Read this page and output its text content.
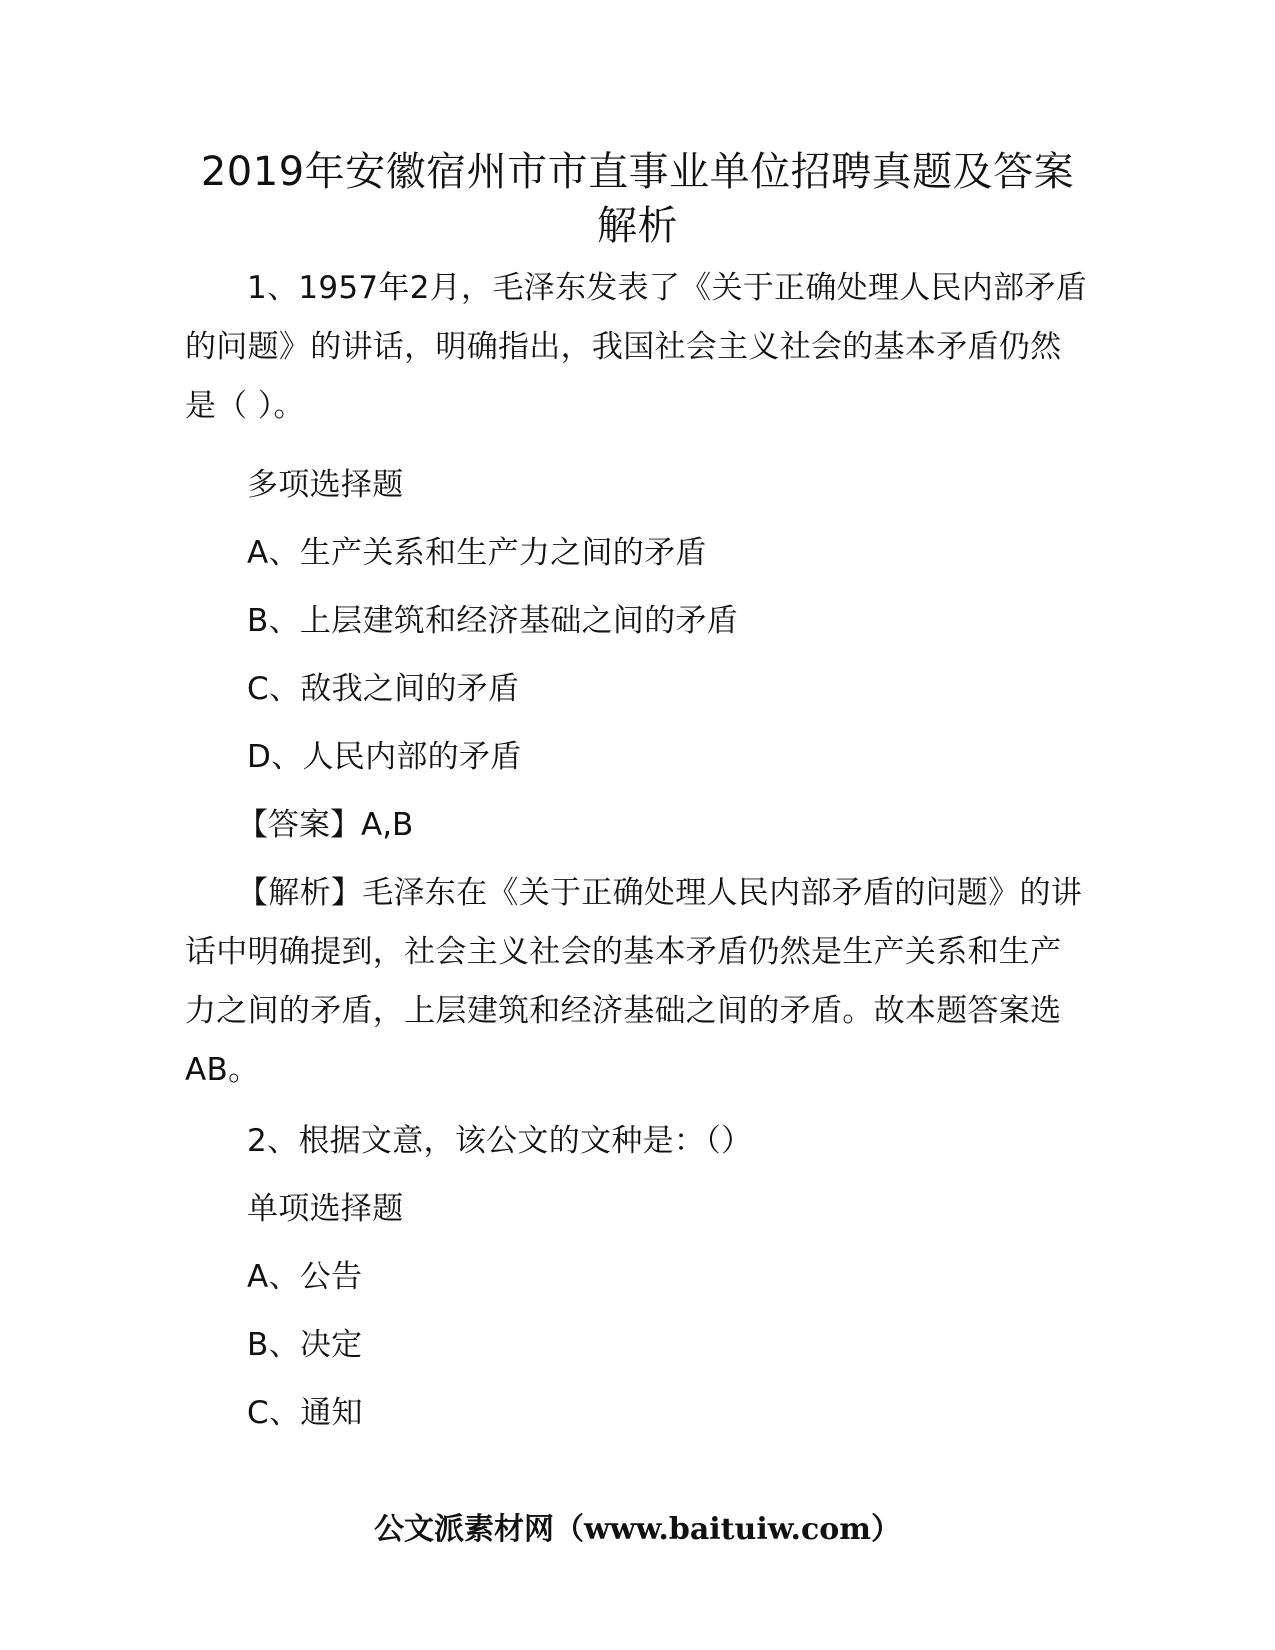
2019年安徽宿州市市直事业单位招聘真题及答案解析

1、1957年2月，毛泽东发表了《关于正确处理人民内部矛盾的问题》的讲话，明确指出，我国社会主义社会的基本矛盾仍然是（ ）。

多项选择题

A、生产关系和生产力之间的矛盾

B、上层建筑和经济基础之间的矛盾

C、敌我之间的矛盾

D、人民内部的矛盾

【答案】A,B

【解析】毛泽东在《关于正确处理人民内部矛盾的问题》的讲话中明确提到，社会主义社会的基本矛盾仍然是生产关系和生产力之间的矛盾，上层建筑和经济基础之间的矛盾。故本题答案选AB。

2、根据文意，该公文的文种是：（）

单项选择题

A、公告

B、决定

C、通知

公文派素材网（www.baituiw.com）
